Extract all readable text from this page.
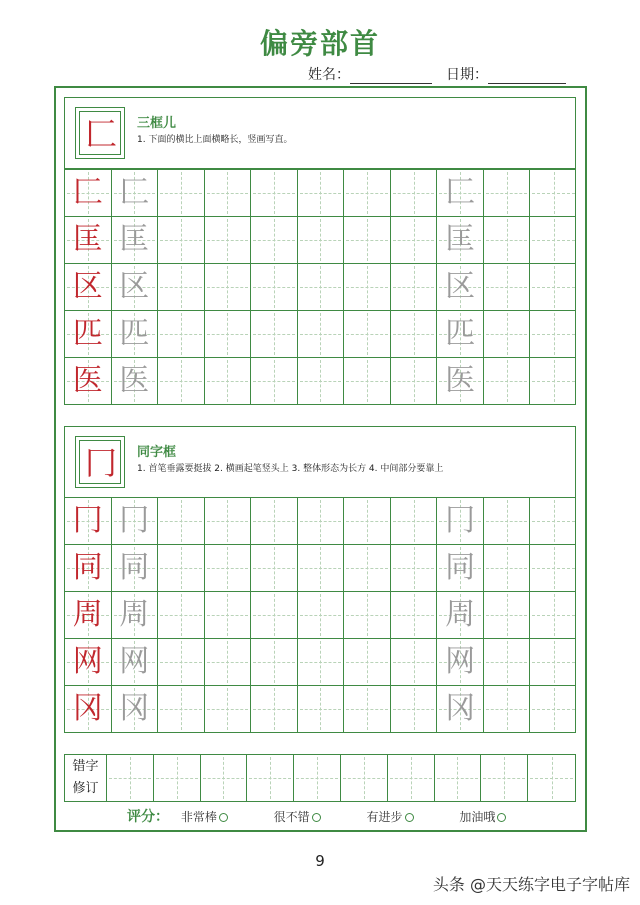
偏旁部首
姓名：	日期：
匚	三框儿
1. 下面的横比上面横略长，竖画写直。
匚 匚	匚
匡 匡	匡
区 区	区
匹 匹	匹
医 医	医
冂	同字框
1. 首笔垂露要挺拔 2. 横画起笔竖头上 3. 整体形态为长方 4. 中间部分要靠上
冂 冂	冂
同 同	同
周 周	周
网 网	网
冈 冈	冈
错字
修订
评分： 非常棒	很不错	有进步	加油哦
9
头条 @天天练字电子字帖库
